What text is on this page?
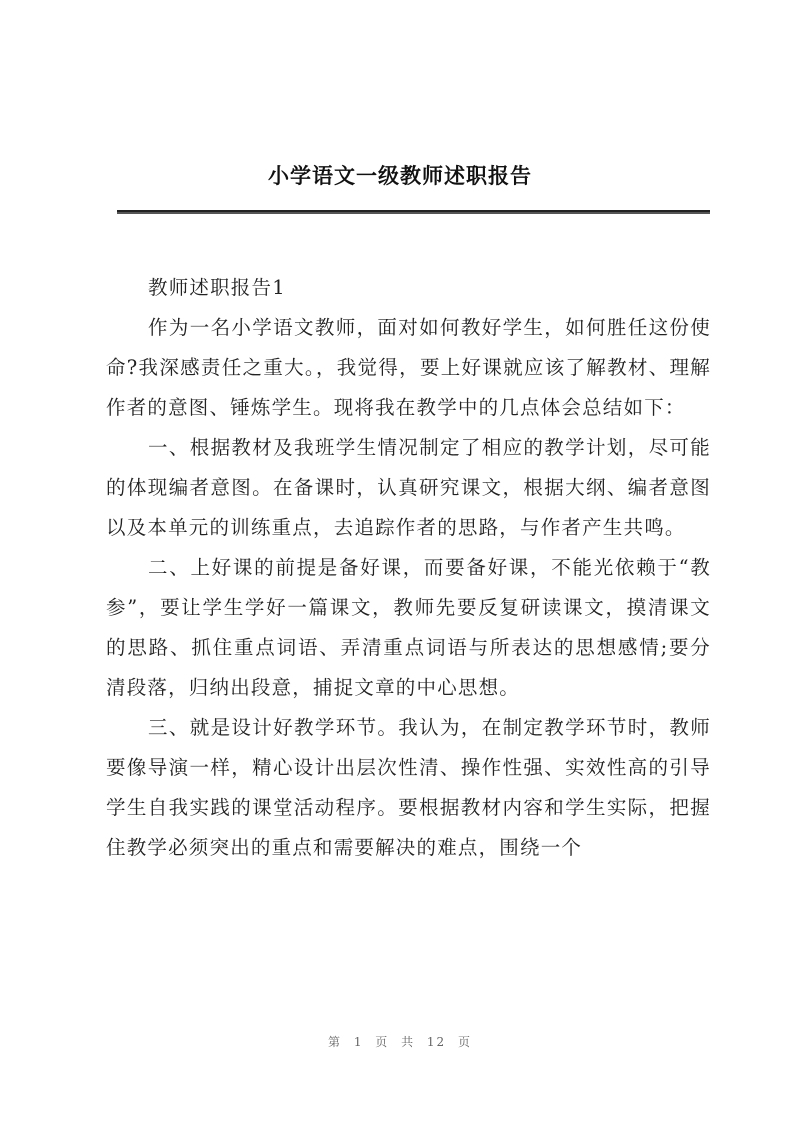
小学语文一级教师述职报告

教师述职报告1

作为一名小学语文教师，面对如何教好学生，如何胜任这份使命?我深感责任之重大。，我觉得，要上好课就应该了解教材、理解作者的意图、锤炼学生。现将我在教学中的几点体会总结如下：

一、根据教材及我班学生情况制定了相应的教学计划，尽可能的体现编者意图。在备课时，认真研究课文，根据大纲、编者意图以及本单元的训练重点，去追踪作者的思路，与作者产生共鸣。

二、上好课的前提是备好课，而要备好课，不能光依赖于“教参”，要让学生学好一篇课文，教师先要反复研读课文，摸清课文的思路、抓住重点词语、弄清重点词语与所表达的思想感情;要分清段落，归纳出段意，捕捉文章的中心思想。

三、就是设计好教学环节。我认为，在制定教学环节时，教师要像导演一样，精心设计出层次性清、操作性强、实效性高的引导学生自我实践的课堂活动程序。要根据教材内容和学生实际，把握住教学必须突出的重点和需要解决的难点，围绕一个

第 1 页 共 12 页
